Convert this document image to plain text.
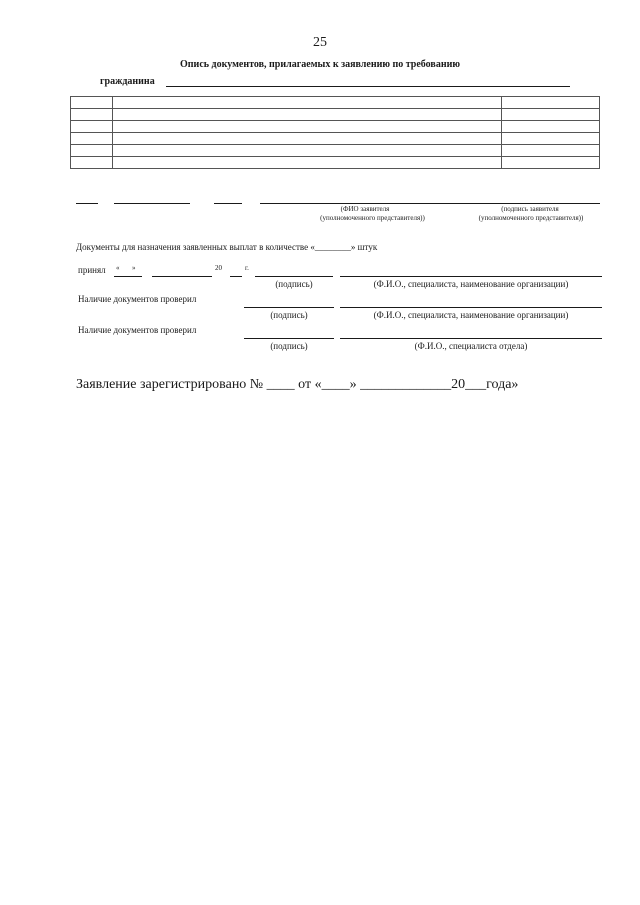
25
Опись документов, прилагаемых к заявлению по требованию
гражданина

(ФИО заявителя
(уполномоченного представителя))
(подпись заявителя
(уполномоченного представителя))
Документы для назначения заявленных выплат в количестве «________» штук
принял « »	20	г.
(подпись)	(Ф.И.О., специалиста, наименование организации)
Наличие документов проверил
(подпись)	(Ф.И.О., специалиста, наименование организации)
Наличие документов проверил
(подпись)	(Ф.И.О., специалиста отдела)
Заявление зарегистрировано № ____ от «____» _____________20___года»
